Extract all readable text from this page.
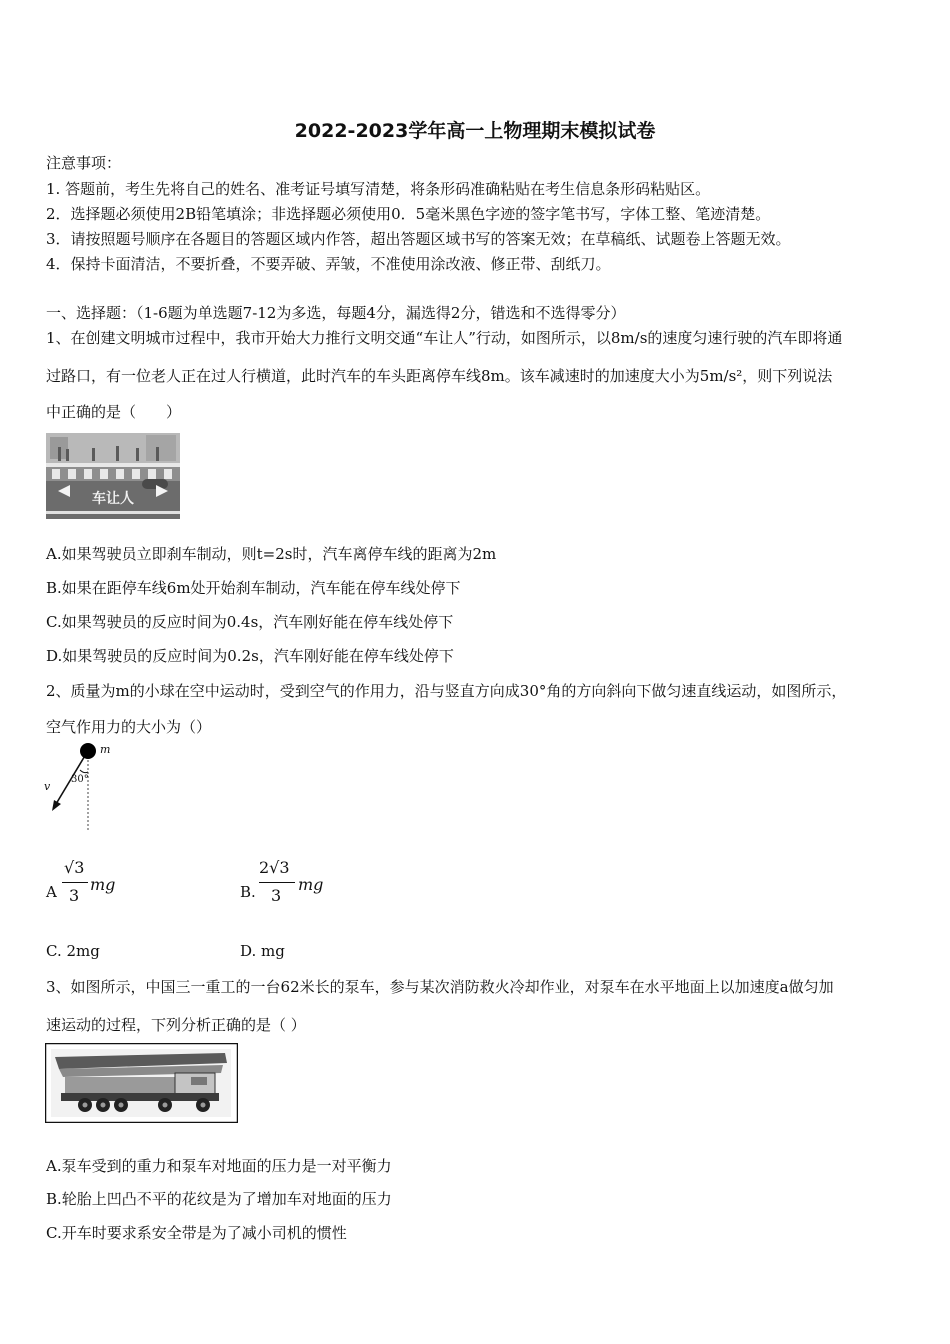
2022-2023学年高一上物理期末模拟试卷
注意事项：
1. 答题前，考生先将自己的姓名、准考证号填写清楚，将条形码准确粘贴在考生信息条形码粘贴区。
2．选择题必须使用2B铅笔填涂；非选择题必须使用0．5毫米黑色字迹的签字笔书写，字体工整、笔迹清楚。
3．请按照题号顺序在各题目的答题区域内作答，超出答题区域书写的答案无效；在草稿纸、试题卷上答题无效。
4．保持卡面清洁，不要折叠，不要弄破、弄皱，不准使用涂改液、修正带、刮纸刀。
一、选择题：（1-6题为单选题7-12为多选，每题4分，漏选得2分，错选和不选得零分）
1、在创建文明城市过程中，我市开始大力推行文明交通“车让人”行动，如图所示，以8m/s的速度匀速行驶的汽车即将通
过路口，有一位老人正在过人行横道，此时汽车的车头距离停车线8m。该车减速时的加速度大小为5m/s²，则下列说法
中正确的是（　　）
车让人
A.如果驾驶员立即刹车制动，则t=2s时，汽车离停车线的距离为2m
B.如果在距停车线6m处开始刹车制动，汽车能在停车线处停下
C.如果驾驶员的反应时间为0.4s，汽车刚好能在停车线处停下
D.如果驾驶员的反应时间为0.2s，汽车刚好能在停车线处停下
2、质量为m的小球在空中运动时，受到空气的作用力，沿与竖直方向成30°角的方向斜向下做匀速直线运动，如图所示，
空气作用力的大小为（）
m
v
30°
A
√3
3
mg	B.
2√3
3
mg
C. 2mg	D. mg
3、如图所示，中国三一重工的一台62米长的泵车，参与某次消防救火冷却作业，对泵车在水平地面上以加速度a做匀加
速运动的过程，下列分析正确的是（ ）
A.泵车受到的重力和泵车对地面的压力是一对平衡力
B.轮胎上凹凸不平的花纹是为了增加车对地面的压力
C.开车时要求系安全带是为了减小司机的惯性
